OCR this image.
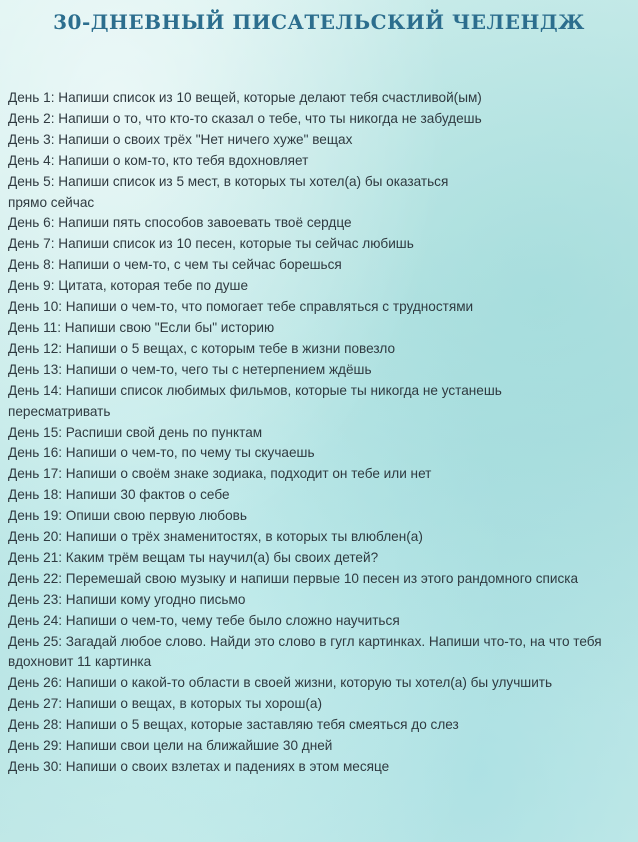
30-ДНЕВНЫЙ ПИСАТЕЛЬСКИЙ ЧЕЛЕНДЖ
День 1: Напиши список из 10 вещей, которые делают тебя счастливой(ым)
День 2: Напиши о то, что кто-то сказал о тебе, что ты никогда не забудешь
День 3: Напиши о своих трёх "Нет ничего хуже" вещах
День 4: Напиши о ком-то, кто тебя вдохновляет
День 5: Напиши список из 5 мест, в которых ты хотел(а) бы оказаться прямо сейчас
День 6: Напиши пять способов завоевать твоё сердце
День 7: Напиши список из 10 песен, которые ты сейчас любишь
День 8: Напиши о чем-то, с чем ты сейчас борешься
День 9: Цитата, которая тебе по душе
День 10: Напиши о чем-то, что помогает тебе справляться с трудностями
День 11: Напиши свою "Если бы" историю
День 12: Напиши о 5 вещах, с которым тебе в жизни повезло
День 13: Напиши о чем-то, чего ты с нетерпением ждёшь
День 14: Напиши список любимых фильмов, которые ты никогда не устанешь пересматривать
День 15: Распиши свой день по пунктам
День 16: Напиши о чем-то, по чему ты скучаешь
День 17: Напиши о своём знаке зодиака, подходит он тебе или нет
День 18: Напиши 30 фактов о себе
День 19: Опиши свою первую любовь
День 20: Напиши о трёх знаменитостях, в которых ты влюблен(а)
День 21: Каким трём вещам ты научил(а) бы своих детей?
День 22: Перемешай свою музыку и напиши первые 10 песен из этого рандомного списка
День 23: Напиши кому угодно письмо
День 24: Напиши о чем-то, чему тебе было сложно научиться
День 25: Загадай любое слово. Найди это слово в гугл картинках. Напиши что-то, на что тебя вдохновит 11 картинка
День 26: Напиши о какой-то области в своей жизни, которую ты хотел(а) бы улучшить
День 27: Напиши о вещах, в которых ты хорош(а)
День 28: Напиши о 5 вещах, которые заставляю тебя смеяться до слез
День 29: Напиши свои цели на ближайшие 30 дней
День 30: Напиши о своих взлетах и падениях в этом месяце
